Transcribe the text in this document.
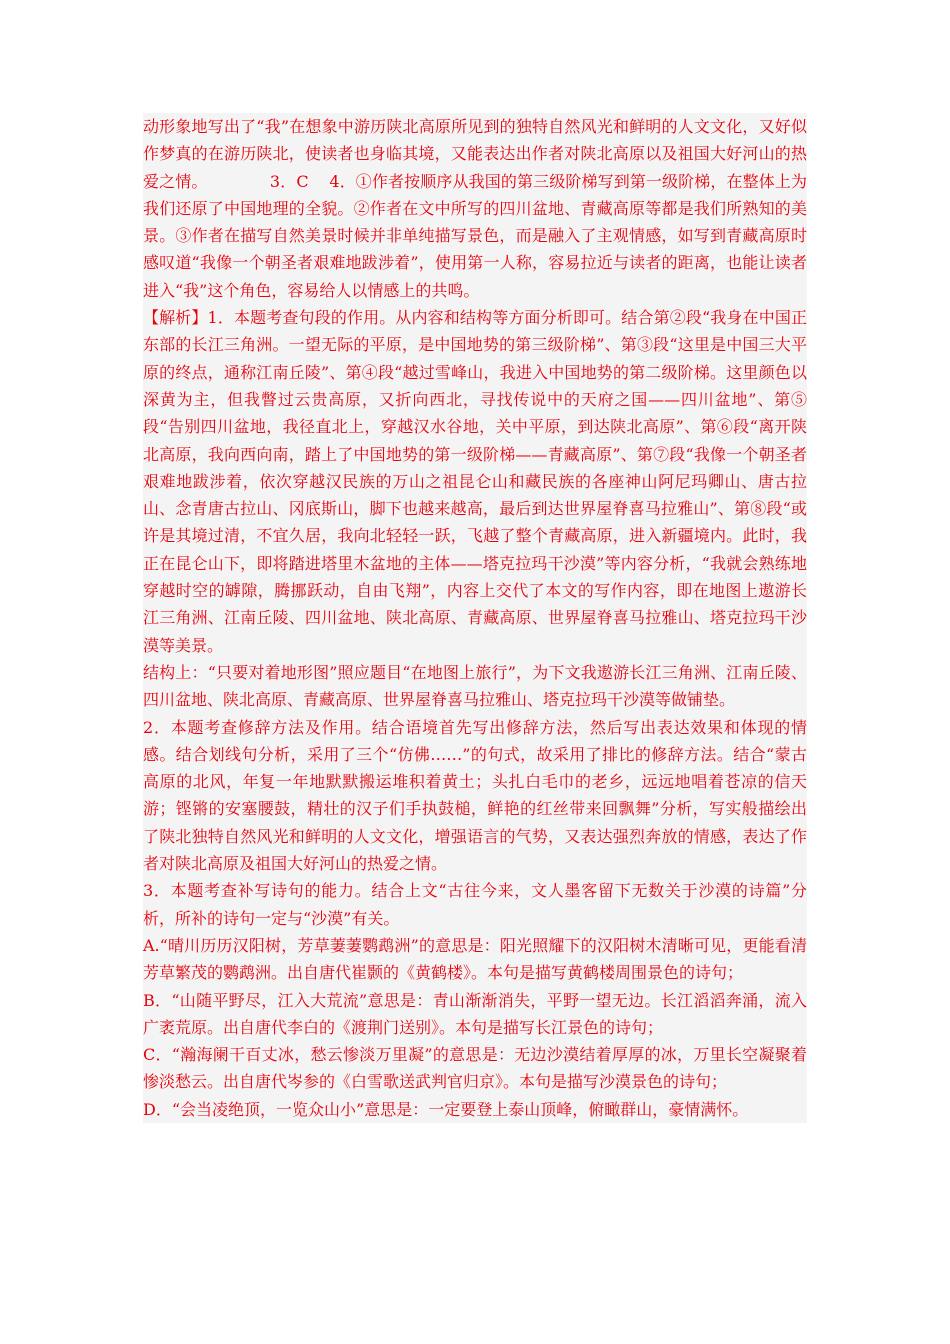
动形象地写出了“我”在想象中游历陕北高原所见到的独特自然风光和鲜明的人文文化，又好似作梦真的在游历陕北，使读者也身临其境，又能表达出作者对陕北高原以及祖国大好河山的热爱之情。            3．C    4．①作者按顺序从我国的第三级阶梯写到第一级阶梯，在整体上为我们还原了中国地理的全貌。②作者在文中所写的四川盆地、青藏高原等都是我们所熟知的美景。③作者在描写自然美景时候并非单纯描写景色，而是融入了主观情感，如写到青藏高原时感叹道“我像一个朝圣者艰难地跋涉着”，使用第一人称，容易拉近与读者的距离，也能让读者进入“我”这个角色，容易给人以情感上的共鸣。

【解析】1．本题考查句段的作用。从内容和结构等方面分析即可。结合第②段“我身在中国正东部的长江三角洲。一望无际的平原，是中国地势的第三级阶梯”、第③段“这里是中国三大平原的终点，通称江南丘陵”、第④段“越过雪峰山，我进入中国地势的第二级阶梯。这里颜色以深黄为主，但我瞥过云贵高原，又折向西北，寻找传说中的天府之国——四川盆地”、第⑤段“告别四川盆地，我径直北上，穿越汉水谷地，关中平原，到达陕北高原”、第⑥段“离开陕北高原，我向西向南，踏上了中国地势的第一级阶梯——青藏高原”、第⑦段“我像一个朝圣者艰难地跋涉着，依次穿越汉民族的万山之祖昆仑山和藏民族的各座神山阿尼玛卿山、唐古拉山、念青唐古拉山、冈底斯山，脚下也越来越高，最后到达世界屋脊喜马拉雅山”、第⑧段“或许是其境过清，不宜久居，我向北轻轻一跃，飞越了整个青藏高原，进入新疆境内。此时，我正在昆仑山下，即将踏进塔里木盆地的主体——塔克拉玛干沙漠”等内容分析，“我就会熟练地穿越时空的罅隙，腾挪跃动，自由飞翔”，内容上交代了本文的写作内容，即在地图上遨游长江三角洲、江南丘陵、四川盆地、陕北高原、青藏高原、世界屋脊喜马拉雅山、塔克拉玛干沙漠等美景。

结构上：“只要对着地形图”照应题目“在地图上旅行”，为下文我遨游长江三角洲、江南丘陵、四川盆地、陕北高原、青藏高原、世界屋脊喜马拉雅山、塔克拉玛干沙漠等做铺垫。

2．本题考查修辞方法及作用。结合语境首先写出修辞方法，然后写出表达效果和体现的情感。结合划线句分析，采用了三个“仿佛……”的句式，故采用了排比的修辞方法。结合“蒙古高原的北风，年复一年地默默搬运堆积着黄土；头扎白毛巾的老乡，远远地唱着苍凉的信天游；铿锵的安塞腰鼓，精壮的汉子们手执鼓槌，鲜艳的红丝带来回飘舞”分析，写实般描绘出了陕北独特自然风光和鲜明的人文文化，增强语言的气势，又表达强烈奔放的情感，表达了作者对陕北高原及祖国大好河山的热爱之情。

3．本题考查补写诗句的能力。结合上文“古往今来，文人墨客留下无数关于沙漠的诗篇”分析，所补的诗句一定与“沙漠”有关。

A.“晴川历历汉阳树，芳草萋萋鹦鹉洲”的意思是：阳光照耀下的汉阳树木清晰可见，更能看清芳草繁茂的鹦鹉洲。出自唐代崔颢的《黄鹤楼》。本句是描写黄鹤楼周围景色的诗句；

B．“山随平野尽，江入大荒流”意思是：青山渐渐消失，平野一望无边。长江滔滔奔涌，流入广袤荒原。出自唐代李白的《渡荆门送别》。本句是描写长江景色的诗句；

C．“瀚海阑干百丈冰，愁云惨淡万里凝”的意思是：无边沙漠结着厚厚的冰，万里长空凝聚着惨淡愁云。出自唐代岑参的《白雪歌送武判官归京》。本句是描写沙漠景色的诗句；

D．“会当凌绝顶，一览众山小”意思是：一定要登上泰山顶峰，俯瞰群山，豪情满怀。
